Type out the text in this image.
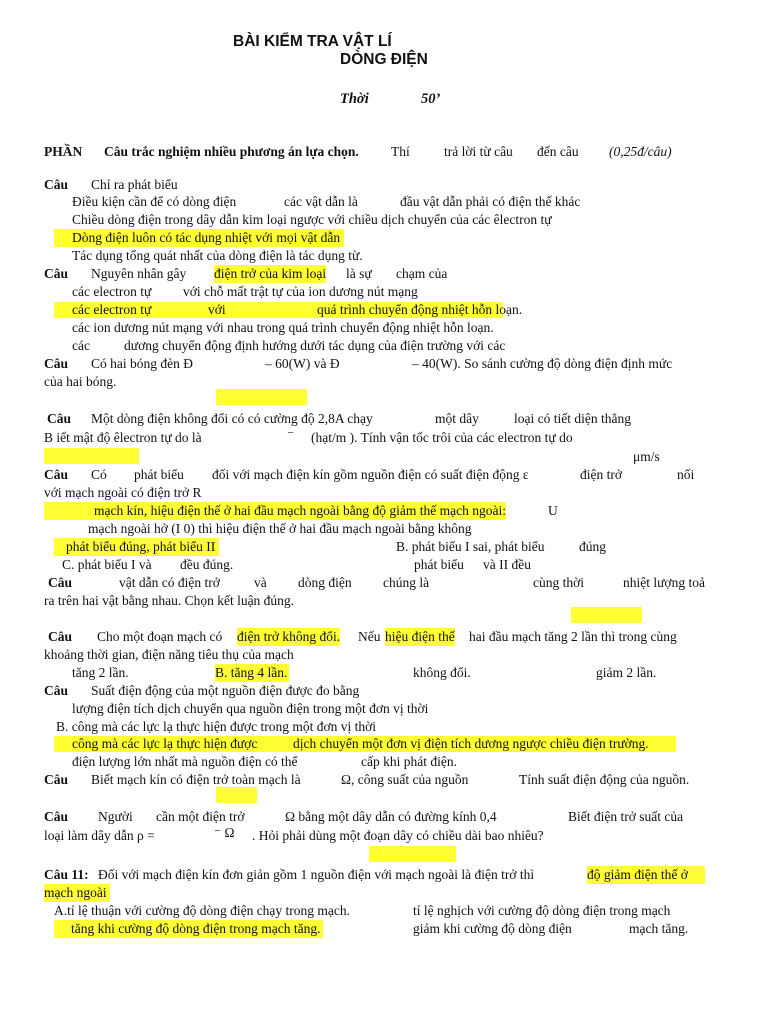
BÀI KIỂM TRA VẬT LÍ
DÒNG ĐIỆN
Thời	50’
PHẦN Câu trắc nghiệm nhiều phương án lựa chọn. Thí	trả lời từ câu đến câu (0,25đ/câu)
Câu Chỉ ra phát biểu
Điều kiện cần để có dòng điện	các vật dẫn là	đầu vật dẫn phải có điện thế khác
Chiều dòng điện trong dây dẫn kim loại ngược với chiều dịch chuyển của các êlectron tự
Dòng điện luôn có tác dụng nhiệt với mọi vật dẫn
Tác dụng tổng quát nhất của dòng điện là tác dụng từ.
Câu Nguyên nhân gây điện trở của kim loại là sự chạm của
các electron tự với chỗ mất trật tự của ion dương nút mạng
các electron tự	với	quá trình chuyển động nhiệt hỗn loạn.
các ion dương nút mạng với nhau trong quá trình chuyển động nhiệt hỗn loạn.
các	dương chuyển động định hướng dưới tác dụng của điện trường với các
Câu Có hai bóng đèn Đ	– 60(W) và Đ	– 40(W). So sánh cường độ dòng điện định mức
của hai bóng.
Câu Một dòng điện không đổi có có cường độ 2,8A chạy	một dây	loại có tiết diện thẳng
B iết mật độ êlectron tự do là	⁻ (hạt/m ). Tính vận tốc trôi của các electron tự do
μm/s
Câu Có phát biểu đối với mạch điện kín gồm nguồn điện có suất điện động ε	điện trở	nối
với mạch ngoài có điện trở R
mạch kín, hiệu điện thế ở hai đầu mạch ngoài bằng độ giảm thế mạch ngoài:	U
mạch ngoài hở (I 0) thì hiệu điện thế ở hai đầu mạch ngoài bằng không
phát biểu đúng, phát biểu II	B. phát biểu I sai, phát biểu	đúng
C. phát biểu I và đều đúng.	phát biểu và II đều
Câu	vật dẫn có điện trở	và dòng điện chúng là	cùng thời	nhiệt lượng toả
ra trên hai vật bằng nhau. Chọn kết luận đúng.
Câu Cho một đoạn mạch có điện trở không đổi. Nếu hiệu điện thế hai đầu mạch tăng 2 lần thì trong cùng
khoảng thời gian, điện năng tiêu thụ của mạch
tăng 2 lần.	B. tăng 4 lần.	không đổi.	giảm 2 lần.
Câu Suất điện động của một nguồn điện được đo bằng
lượng điện tích dịch chuyển qua nguồn điện trong một đơn vị thời
B. công mà các lực lạ thực hiện được trong một đơn vị thời
công mà các lực lạ thực hiện được	dịch chuyển một đơn vị điện tích dương ngược chiều điện trường.
điện lượng lớn nhất mà nguồn điện có thể	cấp khi phát điện.
Câu Biết mạch kín có điện trở toàn mạch là	Ω, công suất của nguồn	Tính suất điện động của nguồn.
Câu Người cần một điện trở	Ω bằng một dây dẫn có đường kính 0,4	Biết điện trở suất của
loại làm dây dẫn ρ =	⁻ Ω . Hỏi phải dùng một đoạn dây có chiều dài bao nhiêu?
Câu 11: Đối với mạch điện kín đơn giản gồm 1 nguồn điện với mạch ngoài là điện trở thì	độ giảm điện thế ở
mạch ngoài
A.tỉ lệ thuận với cường độ dòng điện chạy trong mạch.	tỉ lệ nghịch với cường độ dòng điện trong mạch
tăng khi cường độ dòng điện trong mạch tăng.	giảm khi cường độ dòng điện	mạch tăng.
